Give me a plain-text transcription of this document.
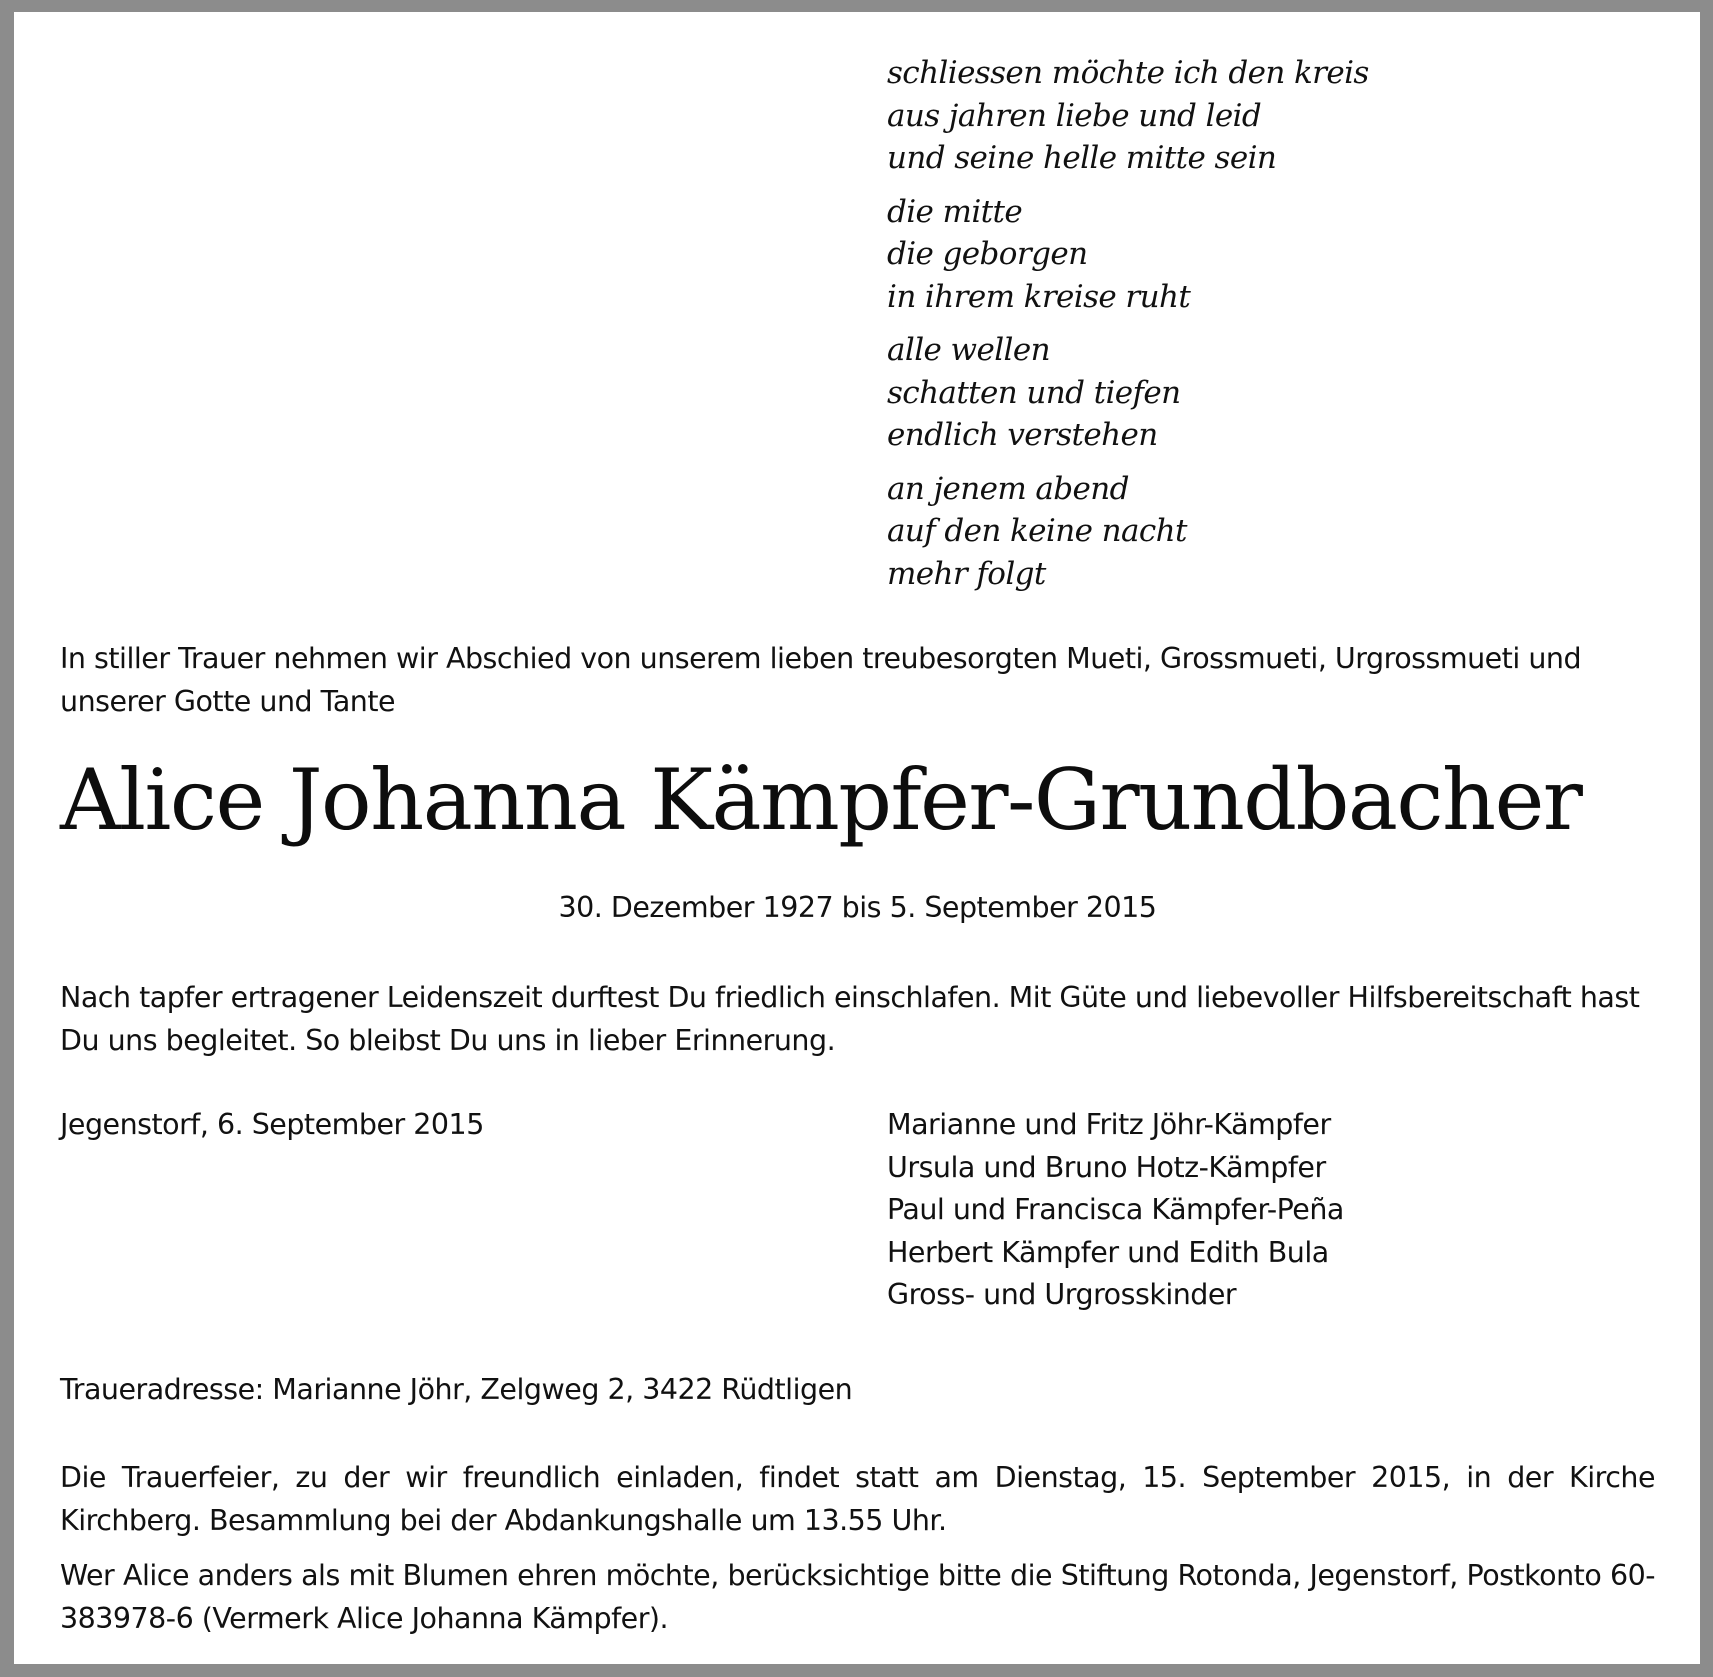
schliessen möchte ich den kreis
aus jahren liebe und leid
und seine helle mitte sein
die mitte
die geborgen
in ihrem kreise ruht
alle wellen
schatten und tiefen
endlich verstehen
an jenem abend
auf den keine nacht
mehr folgt
In stiller Trauer nehmen wir Abschied von unserem lieben treubesorgten Mueti, Grossmueti, Urgrossmueti und unserer Gotte und Tante
Alice Johanna Kämpfer-Grundbacher
30. Dezember 1927 bis 5. September 2015
Nach tapfer ertragener Leidenszeit durftest Du friedlich einschlafen. Mit Güte und liebevoller Hilfsbereitschaft hast Du uns begleitet. So bleibst Du uns in lieber Erinnerung.
Jegenstorf, 6. September 2015	Marianne und Fritz Jöhr-Kämpfer
Ursula und Bruno Hotz-Kämpfer
Paul und Francisca Kämpfer-Peña
Herbert Kämpfer und Edith Bula
Gross- und Urgrosskinder
Traueradresse: Marianne Jöhr, Zelgweg 2, 3422 Rüdtligen
Die Trauerfeier, zu der wir freundlich einladen, findet statt am Dienstag, 15. September 2015, in der Kirche Kirchberg. Besammlung bei der Abdankungshalle um 13.55 Uhr.
Wer Alice anders als mit Blumen ehren möchte, berücksichtige bitte die Stiftung Rotonda, Jegenstorf, Postkonto 60-383978-6 (Vermerk Alice Johanna Kämpfer).
